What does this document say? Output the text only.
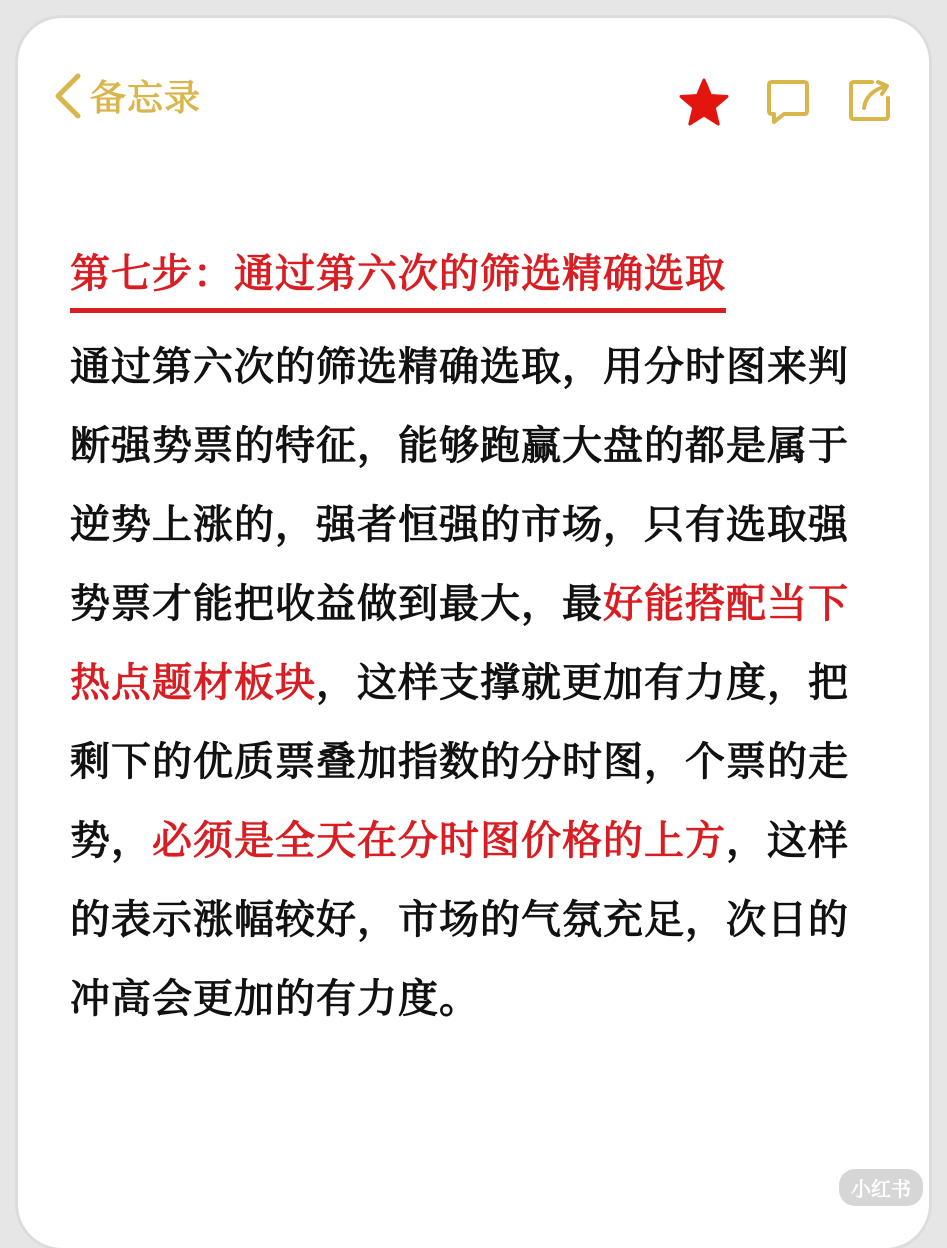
备忘录
第七步：通过第六次的筛选精确选取
通过第六次的筛选精确选取，用分时图来判断强势票的特征，能够跑赢大盘的都是属于逆势上涨的，强者恒强的市场，只有选取强势票才能把收益做到最大，最好能搭配当下热点题材板块，这样支撑就更加有力度，把剩下的优质票叠加指数的分时图，个票的走势，必须是全天在分时图价格的上方，这样的表示涨幅较好，市场的气氛充足，次日的冲高会更加的有力度。
小红书
